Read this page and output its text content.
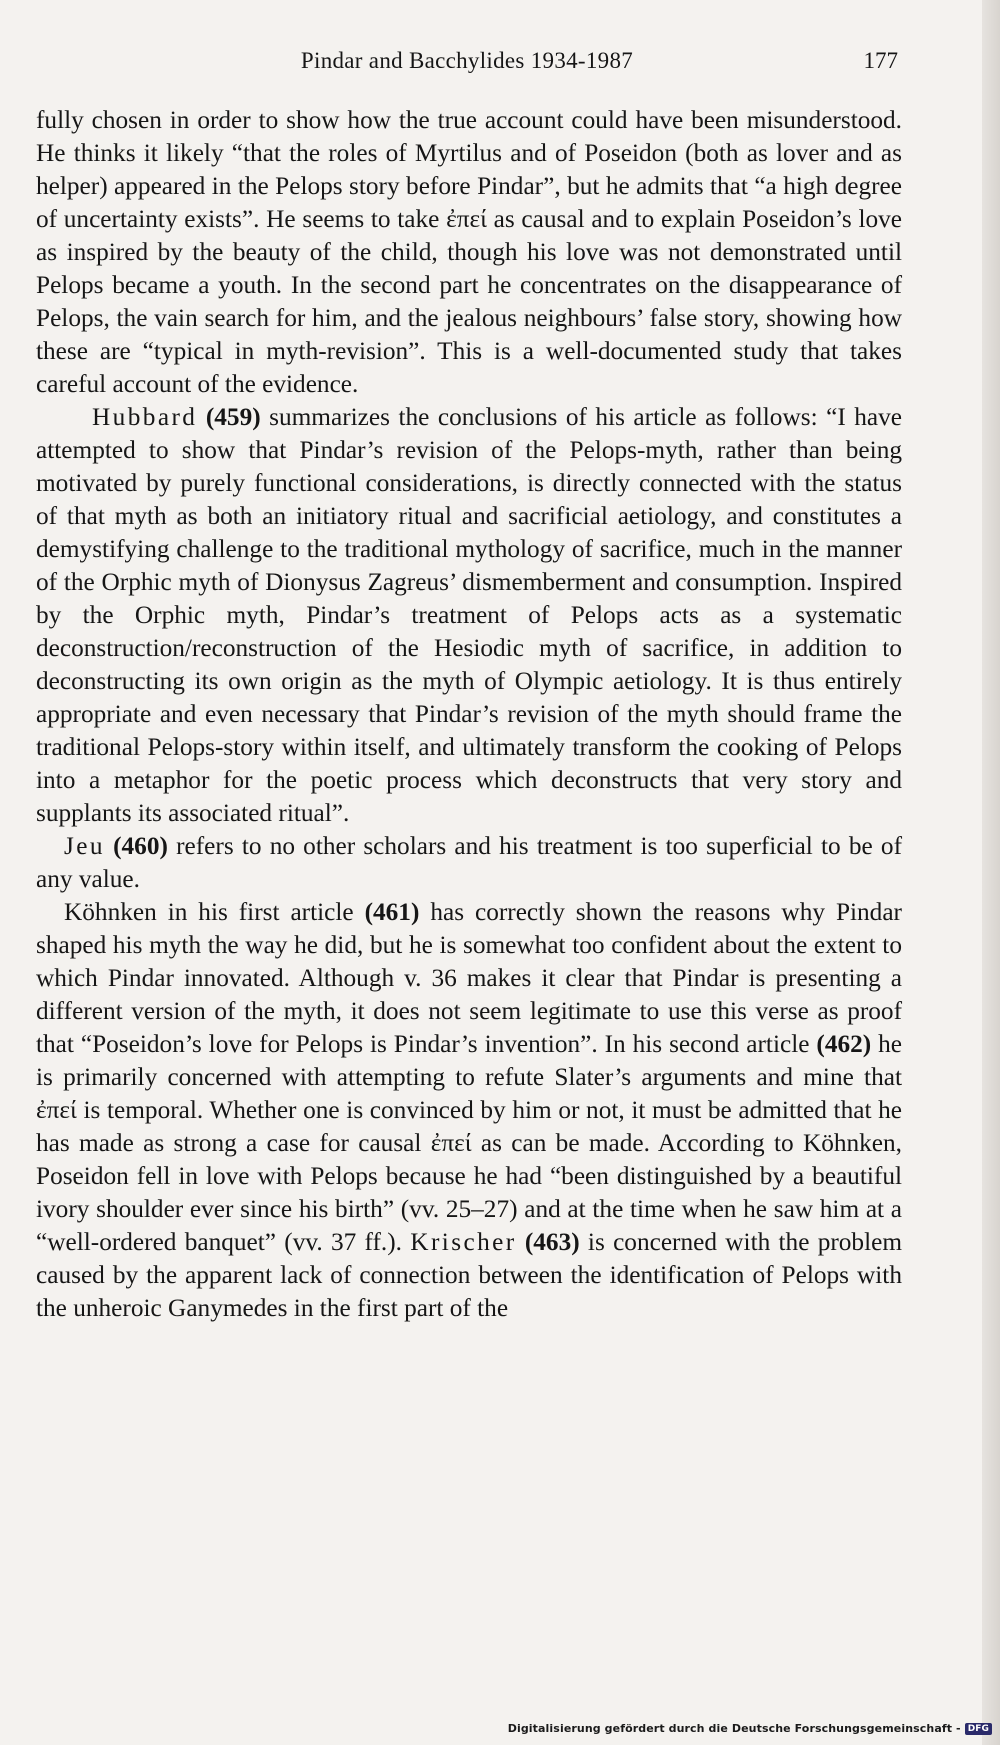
Pindar and Bacchylides 1934-1987	177

fully chosen in order to show how the true account could have been misunderstood. He thinks it likely “that the roles of Myrtilus and of Poseidon (both as lover and as helper) appeared in the Pelops story before Pindar”, but he admits that “a high degree of uncertainty exists”. He seems to take ἐπεί as causal and to explain Poseidon’s love as inspired by the beauty of the child, though his love was not demonstrated until Pelops became a youth. In the second part he concentrates on the disappearance of Pelops, the vain search for him, and the jealous neighbours’ false story, showing how these are “typical in myth-revision”. This is a well-documented study that takes careful account of the evidence.

Hubbard (459) summarizes the conclusions of his article as follows: “I have attempted to show that Pindar’s revision of the Pelops-myth, rather than being motivated by purely functional considerations, is directly connected with the status of that myth as both an initiatory ritual and sacrificial aetiology, and constitutes a demystifying challenge to the traditional mythology of sacrifice, much in the manner of the Orphic myth of Dionysus Zagreus’ dismemberment and consumption. Inspired by the Orphic myth, Pindar’s treatment of Pelops acts as a systematic deconstruction/reconstruction of the Hesiodic myth of sacrifice, in addition to deconstructing its own origin as the myth of Olympic aetiology. It is thus entirely appropriate and even necessary that Pindar’s revision of the myth should frame the traditional Pelops-story within itself, and ultimately transform the cooking of Pelops into a metaphor for the poetic process which deconstructs that very story and supplants its associated ritual”.

Jeu (460) refers to no other scholars and his treatment is too superficial to be of any value.

Köhnken in his first article (461) has correctly shown the reasons why Pindar shaped his myth the way he did, but he is somewhat too confident about the extent to which Pindar innovated. Although v. 36 makes it clear that Pindar is presenting a different version of the myth, it does not seem legitimate to use this verse as proof that “Poseidon’s love for Pelops is Pindar’s invention”. In his second article (462) he is primarily concerned with attempting to refute Slater’s arguments and mine that ἐπεί is temporal. Whether one is convinced by him or not, it must be admitted that he has made as strong a case for causal ἐπεί as can be made. According to Köhnken, Poseidon fell in love with Pelops because he had “been distinguished by a beautiful ivory shoulder ever since his birth” (vv. 25–27) and at the time when he saw him at a “well-ordered banquet” (vv. 37 ff.). Krischer (463) is concerned with the problem caused by the apparent lack of connection between the identification of Pelops with the unheroic Ganymedes in the first part of the

Digitalisierung gefördert durch die Deutsche Forschungsgemeinschaft - DFG
